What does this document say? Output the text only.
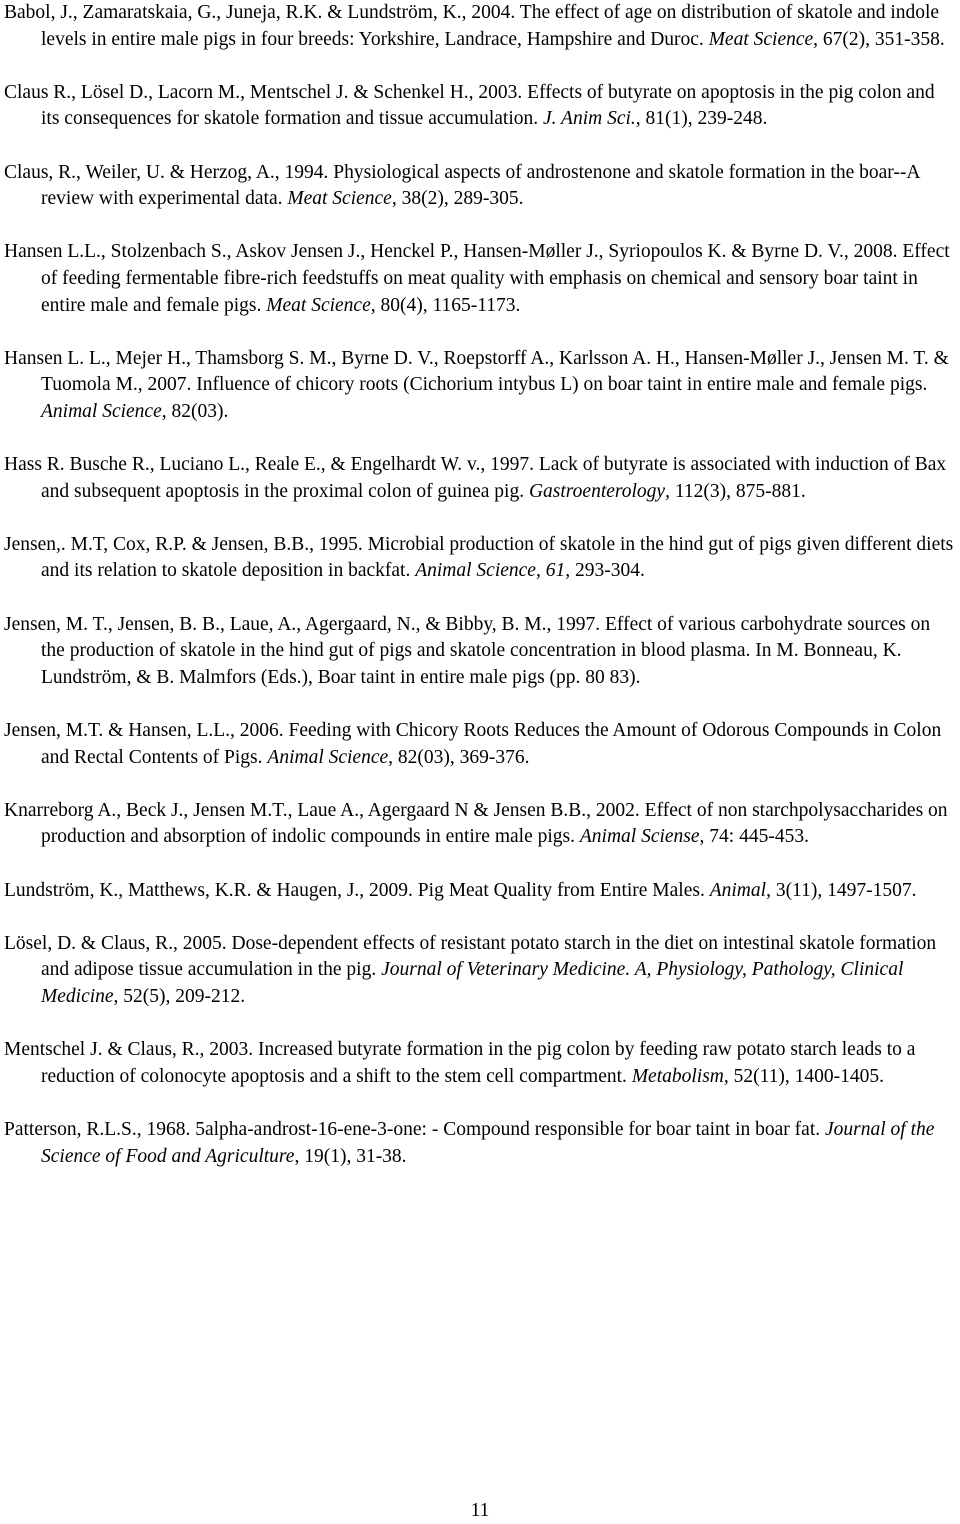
Babol, J., Zamaratskaia, G., Juneja, R.K. & Lundström, K., 2004. The effect of age on distribution of skatole and indole levels in entire male pigs in four breeds: Yorkshire, Landrace, Hampshire and Duroc. Meat Science, 67(2), 351-358.
Claus R., Lösel D., Lacorn M., Mentschel J. & Schenkel H., 2003. Effects of butyrate on apoptosis in the pig colon and its consequences for skatole formation and tissue accumulation. J. Anim Sci., 81(1), 239-248.
Claus, R., Weiler, U. & Herzog, A., 1994. Physiological aspects of androstenone and skatole formation in the boar--A review with experimental data. Meat Science, 38(2), 289-305.
Hansen L.L., Stolzenbach S., Askov Jensen J., Henckel P., Hansen-Møller J., Syriopoulos K. & Byrne D. V., 2008. Effect of feeding fermentable fibre-rich feedstuffs on meat quality with emphasis on chemical and sensory boar taint in entire male and female pigs. Meat Science, 80(4), 1165-1173.
Hansen L. L., Mejer H., Thamsborg S. M., Byrne D. V., Roepstorff A., Karlsson A. H., Hansen-Møller J., Jensen M. T. & Tuomola M., 2007. Influence of chicory roots (Cichorium intybus L) on boar taint in entire male and female pigs. Animal Science, 82(03).
Hass R. Busche R., Luciano L., Reale E., & Engelhardt W. v., 1997. Lack of butyrate is associated with induction of Bax and subsequent apoptosis in the proximal colon of guinea pig. Gastroenterology, 112(3), 875-881.
Jensen,. M.T, Cox, R.P. & Jensen, B.B., 1995. Microbial production of skatole in the hind gut of pigs given different diets and its relation to skatole deposition in backfat. Animal Science, 61, 293-304.
Jensen, M. T., Jensen, B. B., Laue, A., Agergaard, N., & Bibby, B. M., 1997. Effect of various carbohydrate sources on the production of skatole in the hind gut of pigs and skatole concentration in blood plasma. In M. Bonneau, K. Lundström, & B. Malmfors (Eds.), Boar taint in entire male pigs (pp. 80 83).
Jensen, M.T. & Hansen, L.L., 2006. Feeding with Chicory Roots Reduces the Amount of Odorous Compounds in Colon and Rectal Contents of Pigs. Animal Science, 82(03), 369-376.
Knarreborg A., Beck J., Jensen M.T., Laue A., Agergaard N & Jensen B.B., 2002. Effect of non starchpolysaccharides on production and absorption of indolic compounds in entire male pigs. Animal Sciense, 74: 445-453.
Lundström, K., Matthews, K.R. & Haugen, J., 2009. Pig Meat Quality from Entire Males. Animal, 3(11), 1497-1507.
Lösel, D. & Claus, R., 2005. Dose-dependent effects of resistant potato starch in the diet on intestinal skatole formation and adipose tissue accumulation in the pig. Journal of Veterinary Medicine. A, Physiology, Pathology, Clinical Medicine, 52(5), 209-212.
Mentschel J. & Claus, R., 2003. Increased butyrate formation in the pig colon by feeding raw potato starch leads to a reduction of colonocyte apoptosis and a shift to the stem cell compartment. Metabolism, 52(11), 1400-1405.
Patterson, R.L.S., 1968. 5alpha-androst-16-ene-3-one: - Compound responsible for boar taint in boar fat. Journal of the Science of Food and Agriculture, 19(1), 31-38.
11
